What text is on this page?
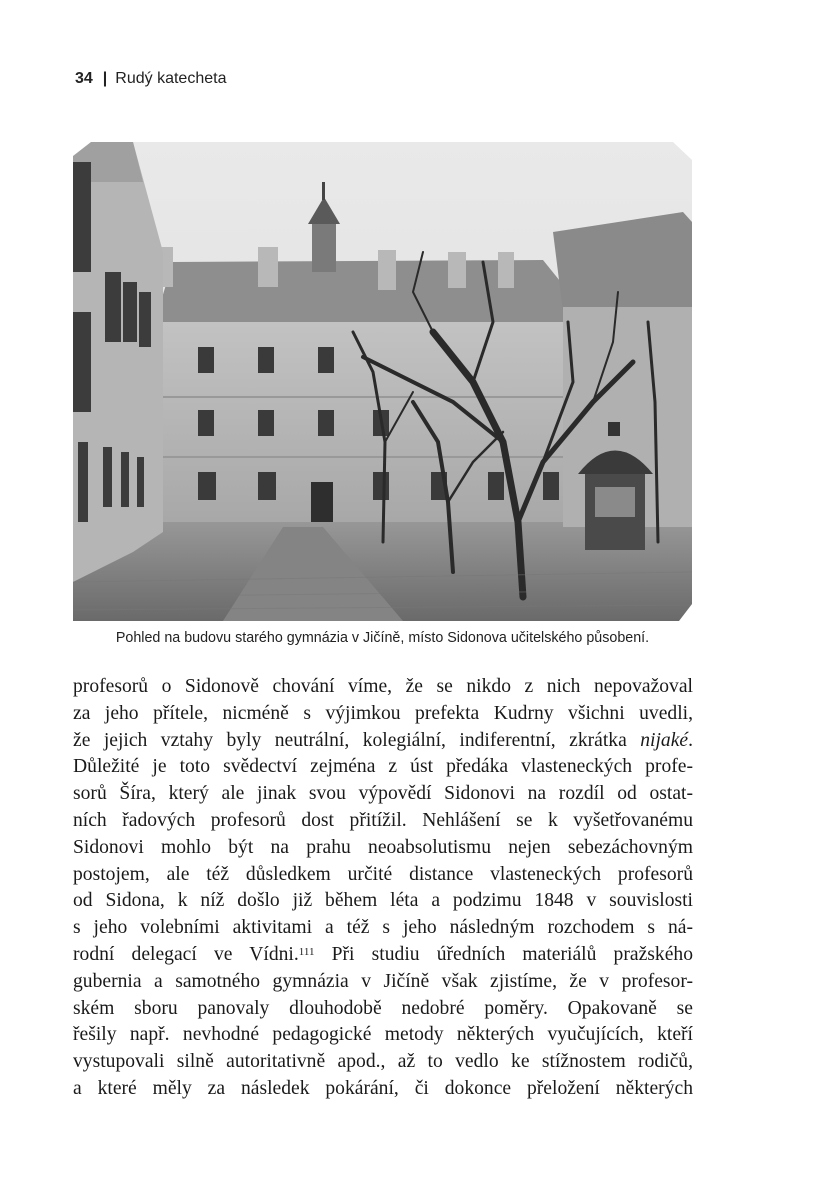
34 | Rudý katecheta
Pohled na budovu starého gymnázia v Jičíně, místo Sidonova učitelského působení.
profesorů o Sidonově chování víme, že se nikdo z nich nepovažoval
za jeho přítele, nicméně s výjimkou prefekta Kudrny všichni uvedli,
že jejich vztahy byly neutrální, kolegiální, indiferentní, zkrátka nijaké.
Důležité je toto svědectví zejména z úst předáka vlasteneckých profe-
sorů Šíra, který ale jinak svou výpovědí Sidonovi na rozdíl od ostat-
ních řadových profesorů dost přitížil. Nehlášení se k vyšetřovanému
Sidonovi mohlo být na prahu neoabsolutismu nejen sebezáchovným
postojem, ale též důsledkem určité distance vlasteneckých profesorů
od Sidona, k níž došlo již během léta a podzimu 1848 v souvislosti
s jeho volebními aktivitami a též s jeho následným rozchodem s ná-
rodní delegací ve Vídni.$^{111}$ Při studiu úředních materiálů pražského
gubernia a samotného gymnázia v Jičíně však zjistíme, že v profesor-
ském sboru panovaly dlouhodobě nedobré poměry. Opakovaně se
řešily např. nevhodné pedagogické metody některých vyučujících, kteří
vystupovali silně autoritativně apod., až to vedlo ke stížnostem rodičů,
a které měly za následek pokárání, či dokonce přeložení některých
